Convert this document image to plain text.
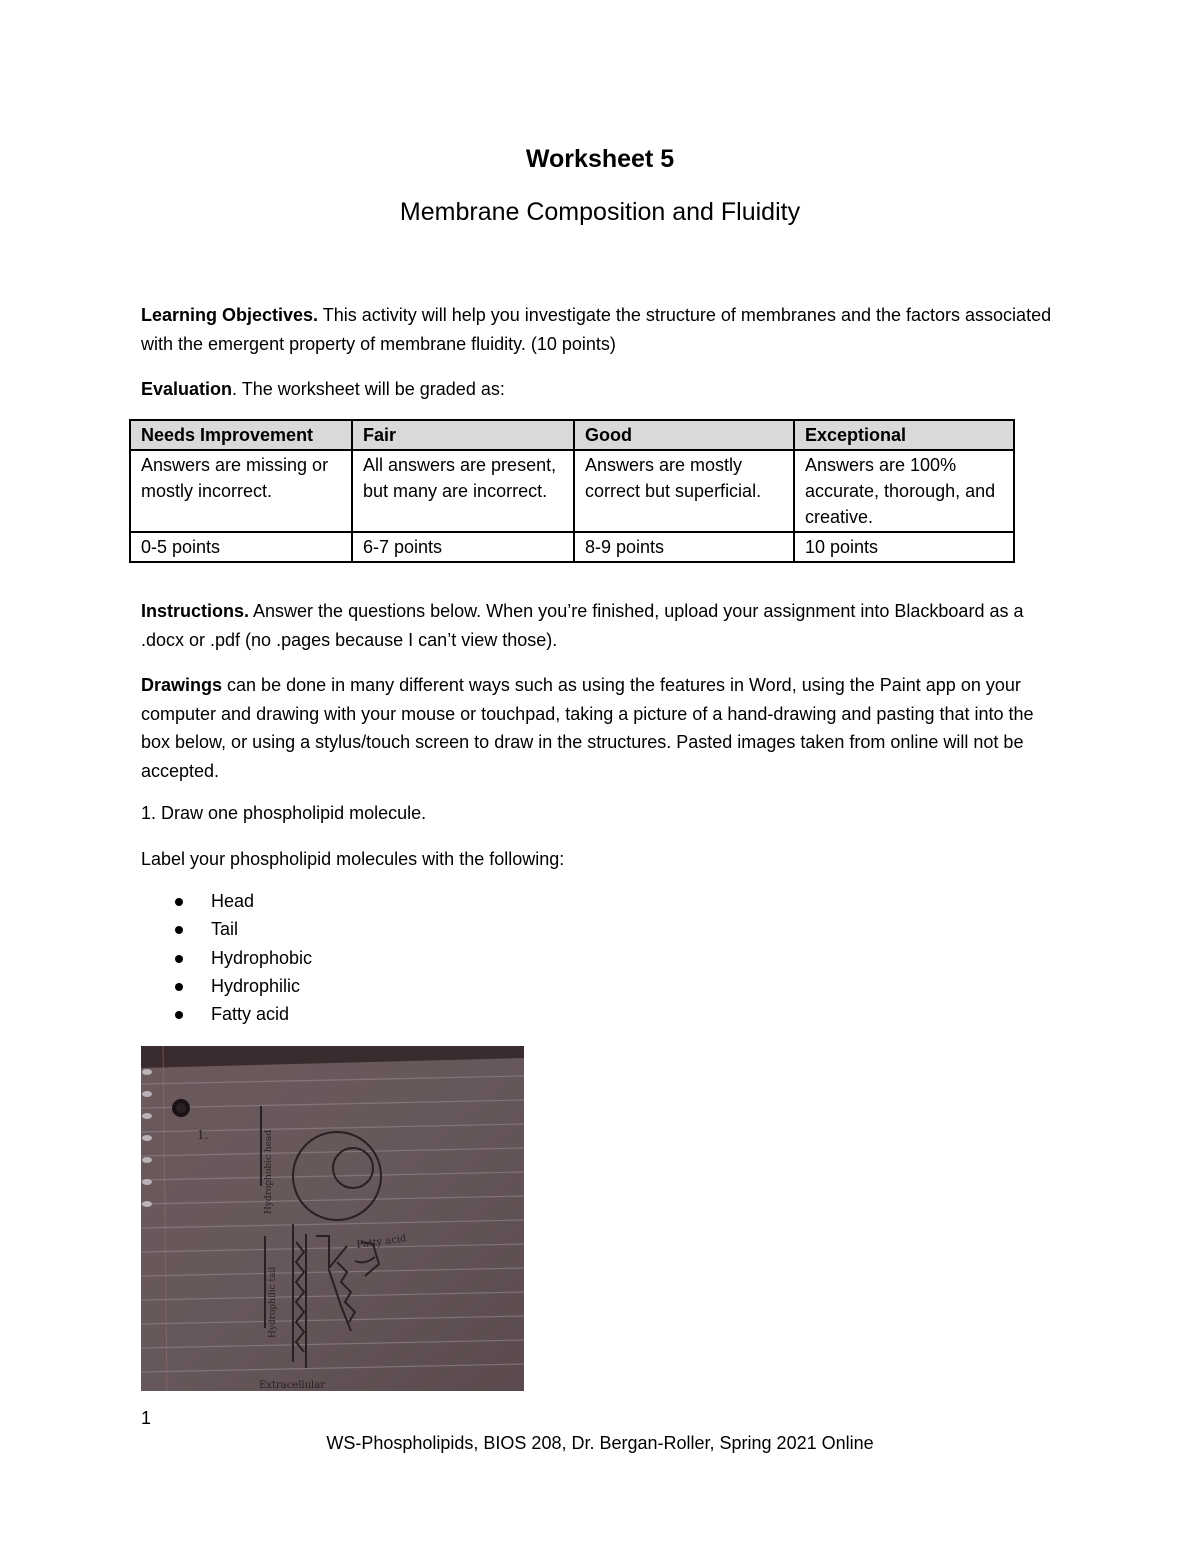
Worksheet 5
Membrane Composition and Fluidity
Learning Objectives. This activity will help you investigate the structure of membranes and the factors associated with the emergent property of membrane fluidity. (10 points)
Evaluation. The worksheet will be graded as:
Needs Improvement	Fair	Good	Exceptional
Answers are missing or mostly incorrect.	All answers are present, but many are incorrect.	Answers are mostly correct but superficial.	Answers are 100% accurate, thorough, and creative.
0-5 points	6-7 points	8-9 points	10 points
Instructions. Answer the questions below. When you’re finished, upload your assignment into Blackboard as a .docx or .pdf (no .pages because I can’t view those).
Drawings can be done in many different ways such as using the features in Word, using the Paint app on your computer and drawing with your mouse or touchpad, taking a picture of a hand-drawing and pasting that into the box below, or using a stylus/touch screen to draw in the structures. Pasted images taken from online will not be accepted.
1. Draw one phospholipid molecule.
Label your phospholipid molecules with the following:
Head
Tail
Hydrophobic
Hydrophilic
Fatty acid
1.
Fatty acid
Hydrophobic head
Hydrophilic tail
Extracellular
1
WS-Phospholipids, BIOS 208, Dr. Bergan-Roller, Spring 2021 Online
